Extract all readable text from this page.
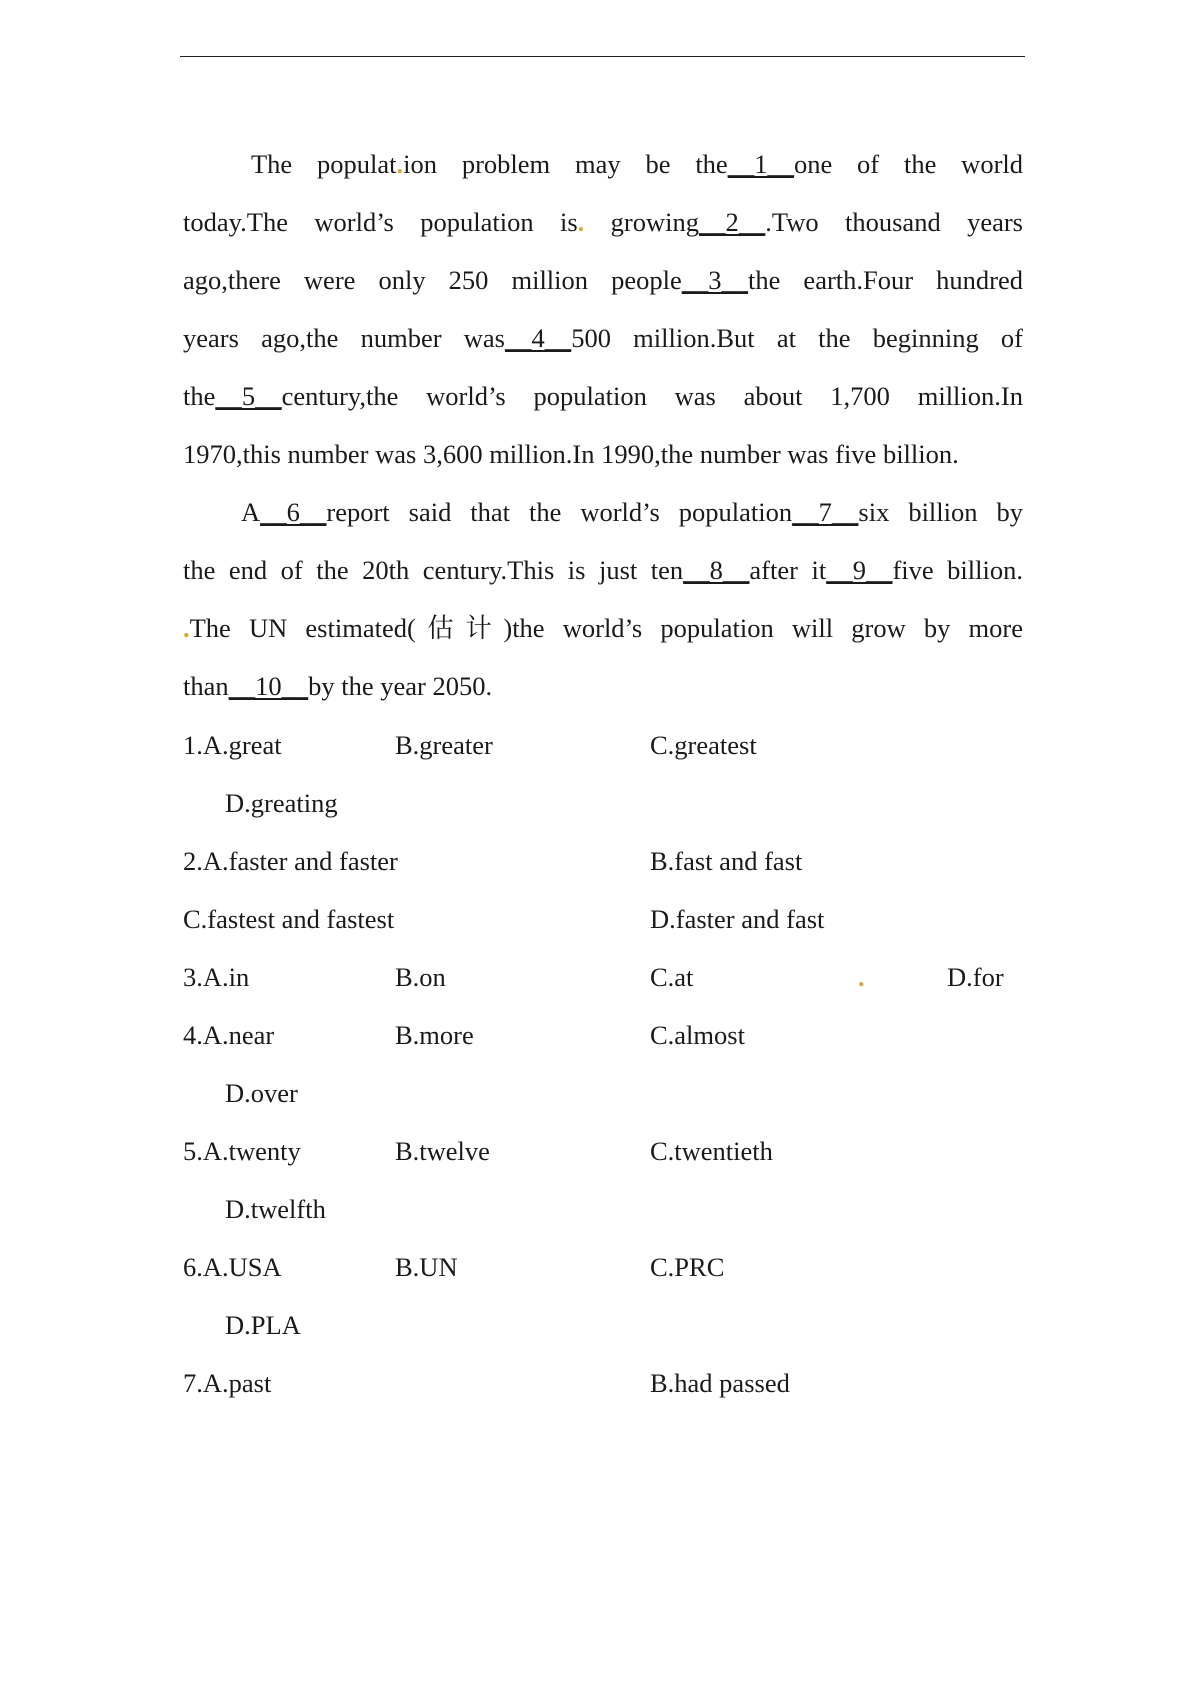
The populat.ion problem may be the__1__one of the world
today.The world’s population is. growing__2__.Two thousand years
ago,there were only 250 million people__3__the earth.Four hundred
years ago,the number was__4__500 million.But at the beginning of
the__5__century,the world’s population was about 1,700 million.In
1970,this number was 3,600 million.In 1990,the number was five billion.
A__6__report said that the world’s population__7__six billion by
the end of the 20th century.This is just ten__8__after it__9__five billion.
.The UN estimated(估计)the world’s population will grow by more
than__10__by the year 2050.
1.A.great	B.greater	C.greatest
D.greating
2.A.faster and faster	B.fast and fast
C.fastest and fastest	D.faster and fast
3.A.in	B.on	C.at	.	D.for
4.A.near	B.more	C.almost
D.over
5.A.twenty	B.twelve	C.twentieth
D.twelfth
6.A.USA	B.UN	C.PRC
D.PLA
7.A.past	B.had passed
